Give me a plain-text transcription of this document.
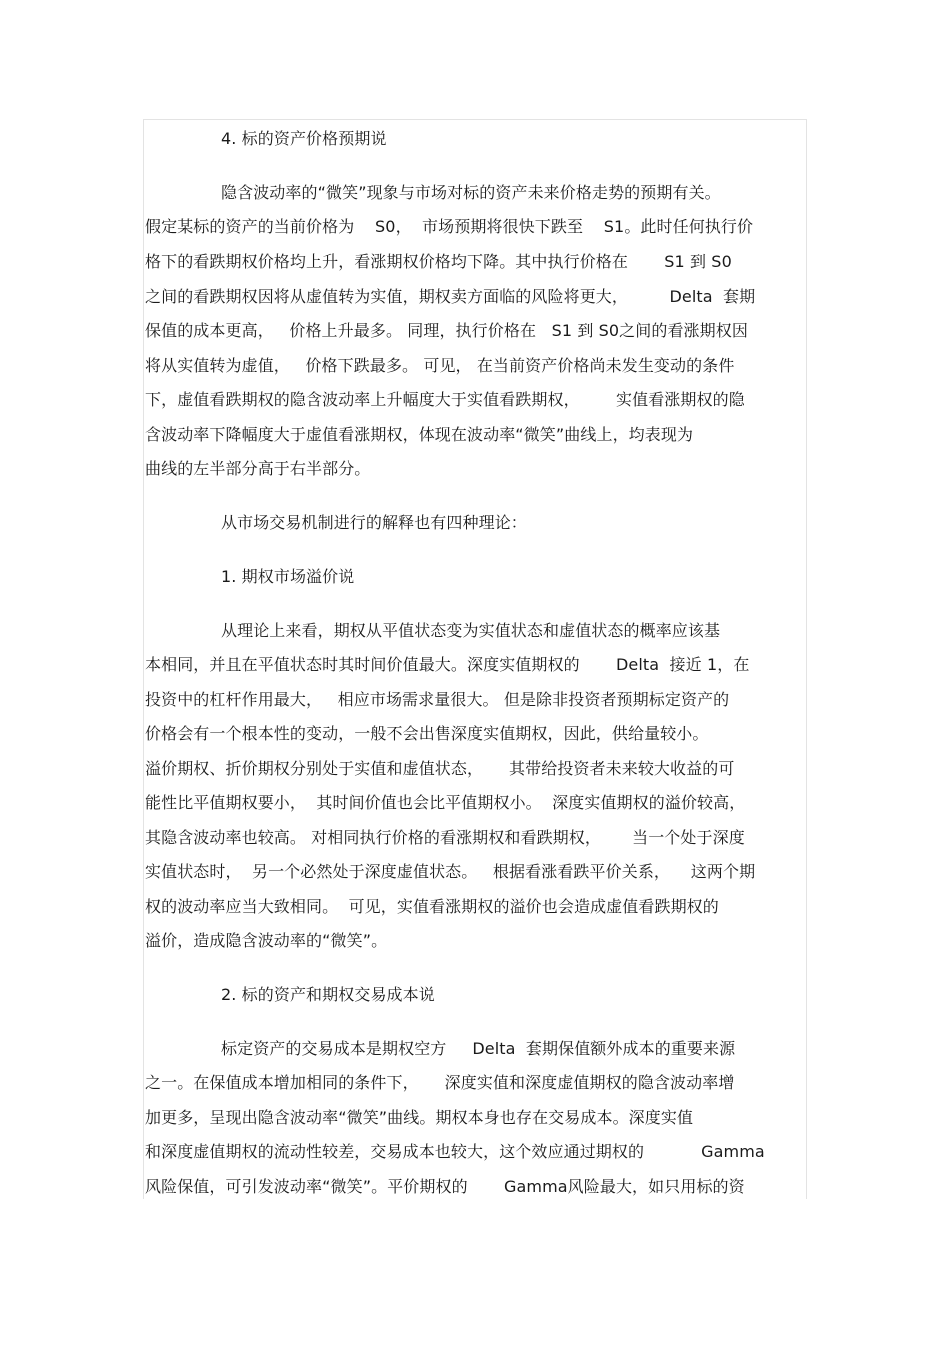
4. 标的资产价格预期说
隐含波动率的“微笑”现象与市场对标的资产未来价格走势的预期有关。
假定某标的资产的当前价格为    S0，  市场预期将很快下跌至    S1。此时任何执行价
格下的看跌期权价格均上升，看涨期权价格均下降。其中执行价格在       S1 到 S0
之间的看跌期权因将从虚值转为实值，期权卖方面临的风险将更大，        Delta  套期
保值的成本更高，   价格上升最多。 同理，执行价格在   S1 到 S0之间的看涨期权因
将从实值转为虚值，   价格下跌最多。 可见， 在当前资产价格尚未发生变动的条件
下，虚值看跌期权的隐含波动率上升幅度大于实值看跌期权，       实值看涨期权的隐
含波动率下降幅度大于虚值看涨期权，体现在波动率“微笑”曲线上，均表现为
曲线的左半部分高于右半部分。
从市场交易机制进行的解释也有四种理论：
1. 期权市场溢价说
从理论上来看，期权从平值状态变为实值状态和虚值状态的概率应该基
本相同，并且在平值状态时其时间价值最大。深度实值期权的       Delta  接近 1，在
投资中的杠杆作用最大，   相应市场需求量很大。 但是除非投资者预期标定资产的
价格会有一个根本性的变动，一般不会出售深度实值期权，因此，供给量较小。
溢价期权、折价期权分别处于实值和虚值状态，     其带给投资者未来较大收益的可
能性比平值期权要小，  其时间价值也会比平值期权小。  深度实值期权的溢价较高，
其隐含波动率也较高。 对相同执行价格的看涨期权和看跌期权，      当一个处于深度
实值状态时，  另一个必然处于深度虚值状态。   根据看涨看跌平价关系，    这两个期
权的波动率应当大致相同。  可见，实值看涨期权的溢价也会造成虚值看跌期权的
溢价，造成隐含波动率的“微笑”。
2. 标的资产和期权交易成本说
标定资产的交易成本是期权空方     Delta  套期保值额外成本的重要来源
之一。在保值成本增加相同的条件下，     深度实值和深度虚值期权的隐含波动率增
加更多，呈现出隐含波动率“微笑”曲线。期权本身也存在交易成本。深度实值
和深度虚值期权的流动性较差，交易成本也较大，这个效应通过期权的           Gamma
风险保值，可引发波动率“微笑”。平价期权的       Gamma风险最大，如只用标的资
